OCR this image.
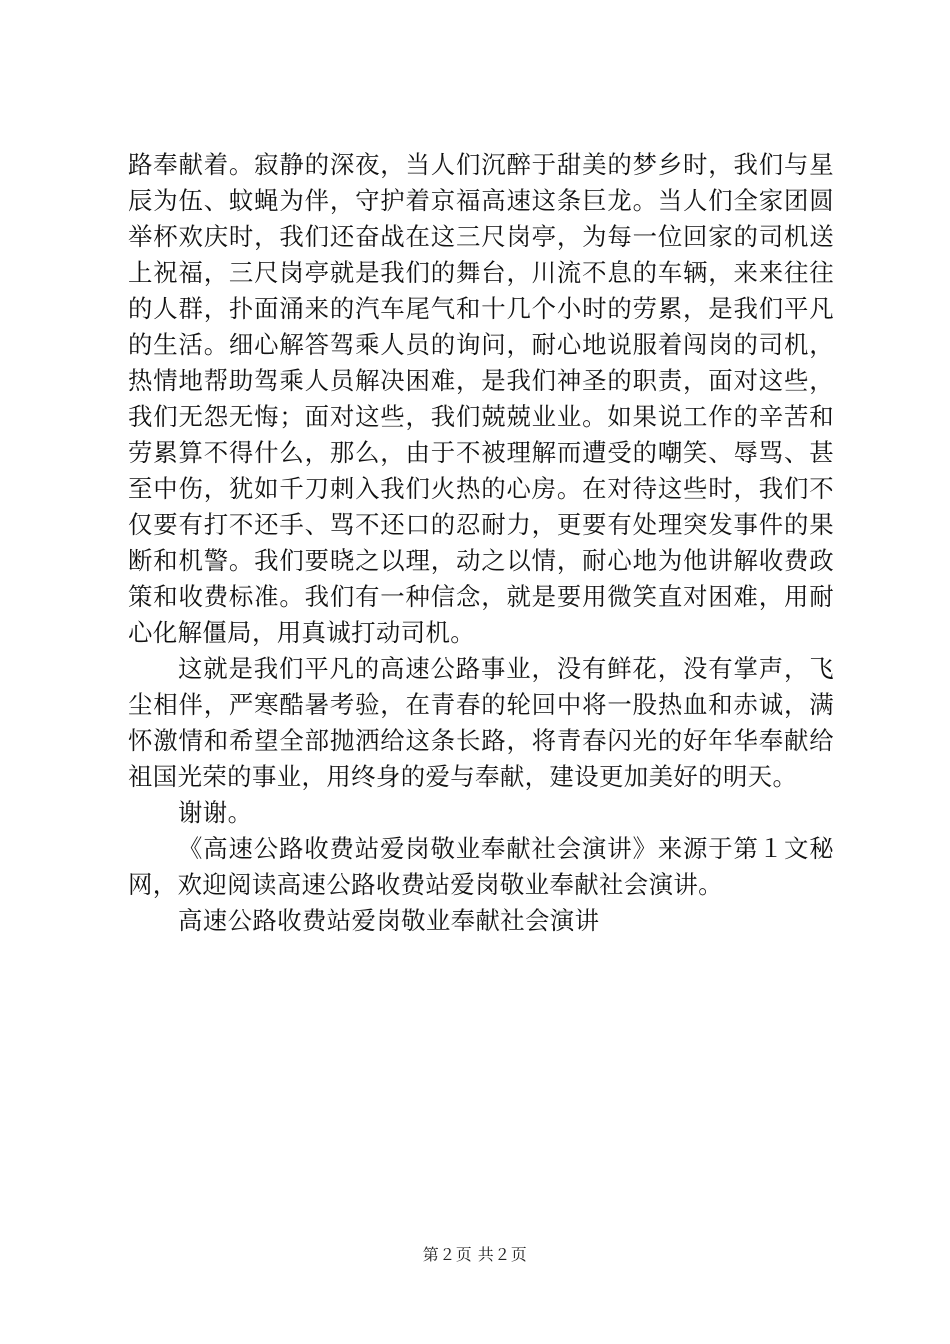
路奉献着。寂静的深夜，当人们沉醉于甜美的梦乡时，我们与星辰为伍、蚊蝇为伴，守护着京福高速这条巨龙。当人们全家团圆举杯欢庆时，我们还奋战在这三尺岗亭，为每一位回家的司机送上祝福，三尺岗亭就是我们的舞台，川流不息的车辆，来来往往的人群，扑面涌来的汽车尾气和十几个小时的劳累，是我们平凡的生活。细心解答驾乘人员的询问，耐心地说服着闯岗的司机，热情地帮助驾乘人员解决困难，是我们神圣的职责，面对这些，我们无怨无悔；面对这些，我们兢兢业业。如果说工作的辛苦和劳累算不得什么，那么，由于不被理解而遭受的嘲笑、辱骂、甚至中伤，犹如千刀刺入我们火热的心房。在对待这些时，我们不仅要有打不还手、骂不还口的忍耐力，更要有处理突发事件的果断和机警。我们要晓之以理，动之以情，耐心地为他讲解收费政策和收费标准。我们有一种信念，就是要用微笑直对困难，用耐心化解僵局，用真诚打动司机。

这就是我们平凡的高速公路事业，没有鲜花，没有掌声，飞尘相伴，严寒酷暑考验，在青春的轮回中将一股热血和赤诚，满怀激情和希望全部抛洒给这条长路，将青春闪光的好年华奉献给祖国光荣的事业，用终身的爱与奉献，建设更加美好的明天。

谢谢。

《高速公路收费站爱岗敬业奉献社会演讲》来源于第１文秘网，欢迎阅读高速公路收费站爱岗敬业奉献社会演讲。

高速公路收费站爱岗敬业奉献社会演讲

第２页 共２页
